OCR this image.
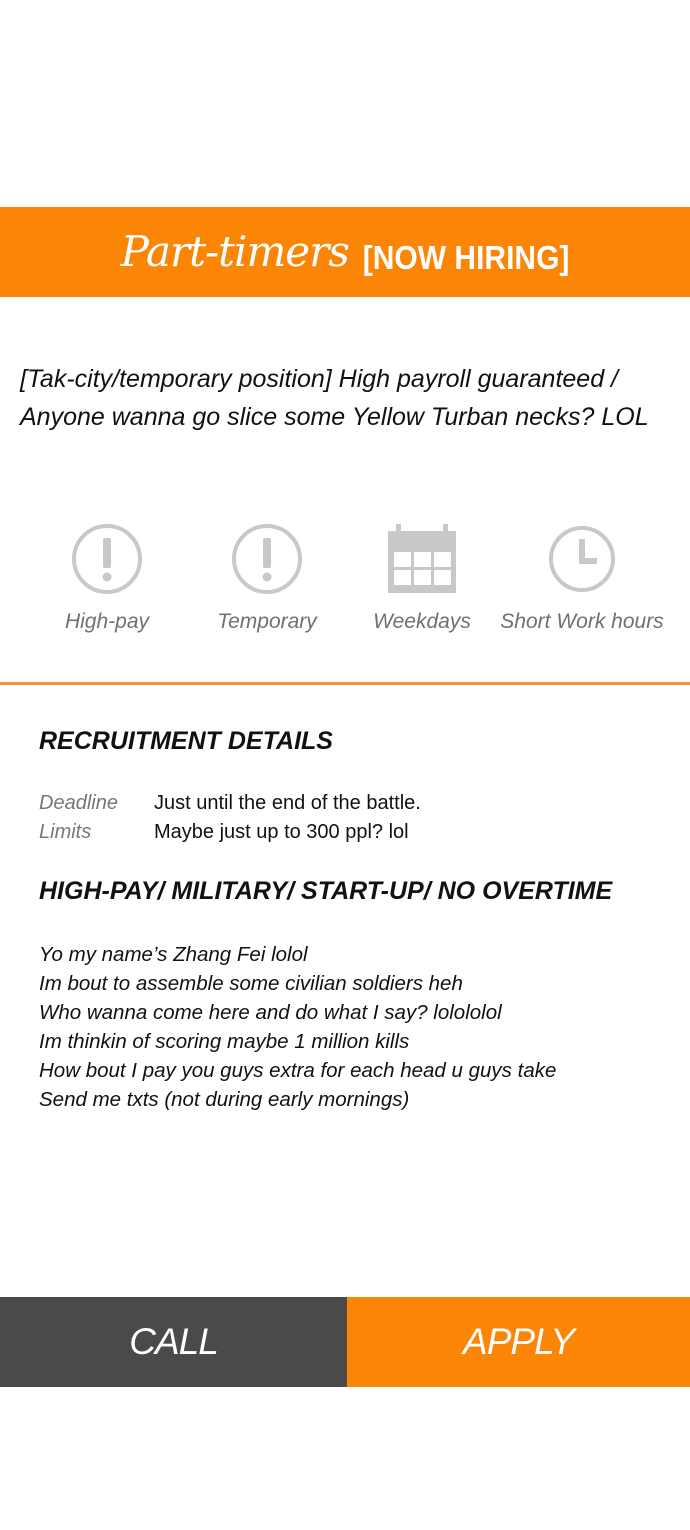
Part-timers [NOW HIRING]

[Tak-city/temporary position] High payroll guaranteed / Anyone wanna go slice some Yellow Turban necks? LOL

High-pay	Temporary	Weekdays	Short Work hours
RECRUITMENT DETAILS
Deadline Just until the end of the battle.
Limits	Maybe just up to 300 ppl? lol
HIGH-PAY/ MILITARY/ START-UP/ NO OVERTIME
Yo my name’s Zhang Fei lolol
Im bout to assemble some civilian soldiers heh
Who wanna come here and do what I say? lolololol
Im thinkin of scoring maybe 1 million kills
How bout I pay you guys extra for each head u guys take
Send me txts (not during early mornings)
CALL	APPLY
